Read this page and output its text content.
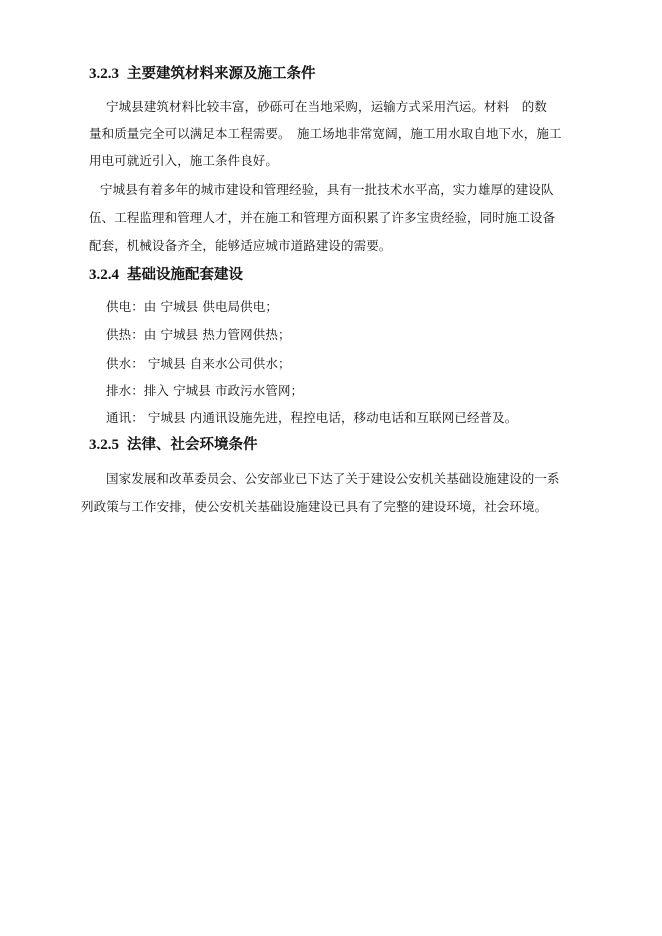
3.2.3 主要建筑材料来源及施工条件

宁城县建筑材料比较丰富，砂砾可在当地采购，运输方式采用汽运。材料　的数

量和质量完全可以满足本工程需要。　施工场地非常宽阔，施工用水取自地下水，施工

用电可就近引入，施工条件良好。

宁城县有着多年的城市建设和管理经验，具有一批技术水平高，实力雄厚的建设队

伍、工程监理和管理人才，并在施工和管理方面积累了许多宝贵经验，同时施工设备

配套，机械设备齐全，能够适应城市道路建设的需要。

3.2.4 基础设施配套建设

供电：由 宁城县 供电局供电；

供热：由 宁城县 热力管网供热；

供水： 宁城县 自来水公司供水；

排水：排入 宁城县 市政污水管网；

通讯： 宁城县 内通讯设施先进，程控电话，移动电话和互联网已经普及。

3.2.5 法律、社会环境条件

国家发展和改革委员会、公安部业已下达了关于建设公安机关基础设施建设的一系

列政策与工作安排，使公安机关基础设施建设已具有了完整的建设环境，社会环境。
